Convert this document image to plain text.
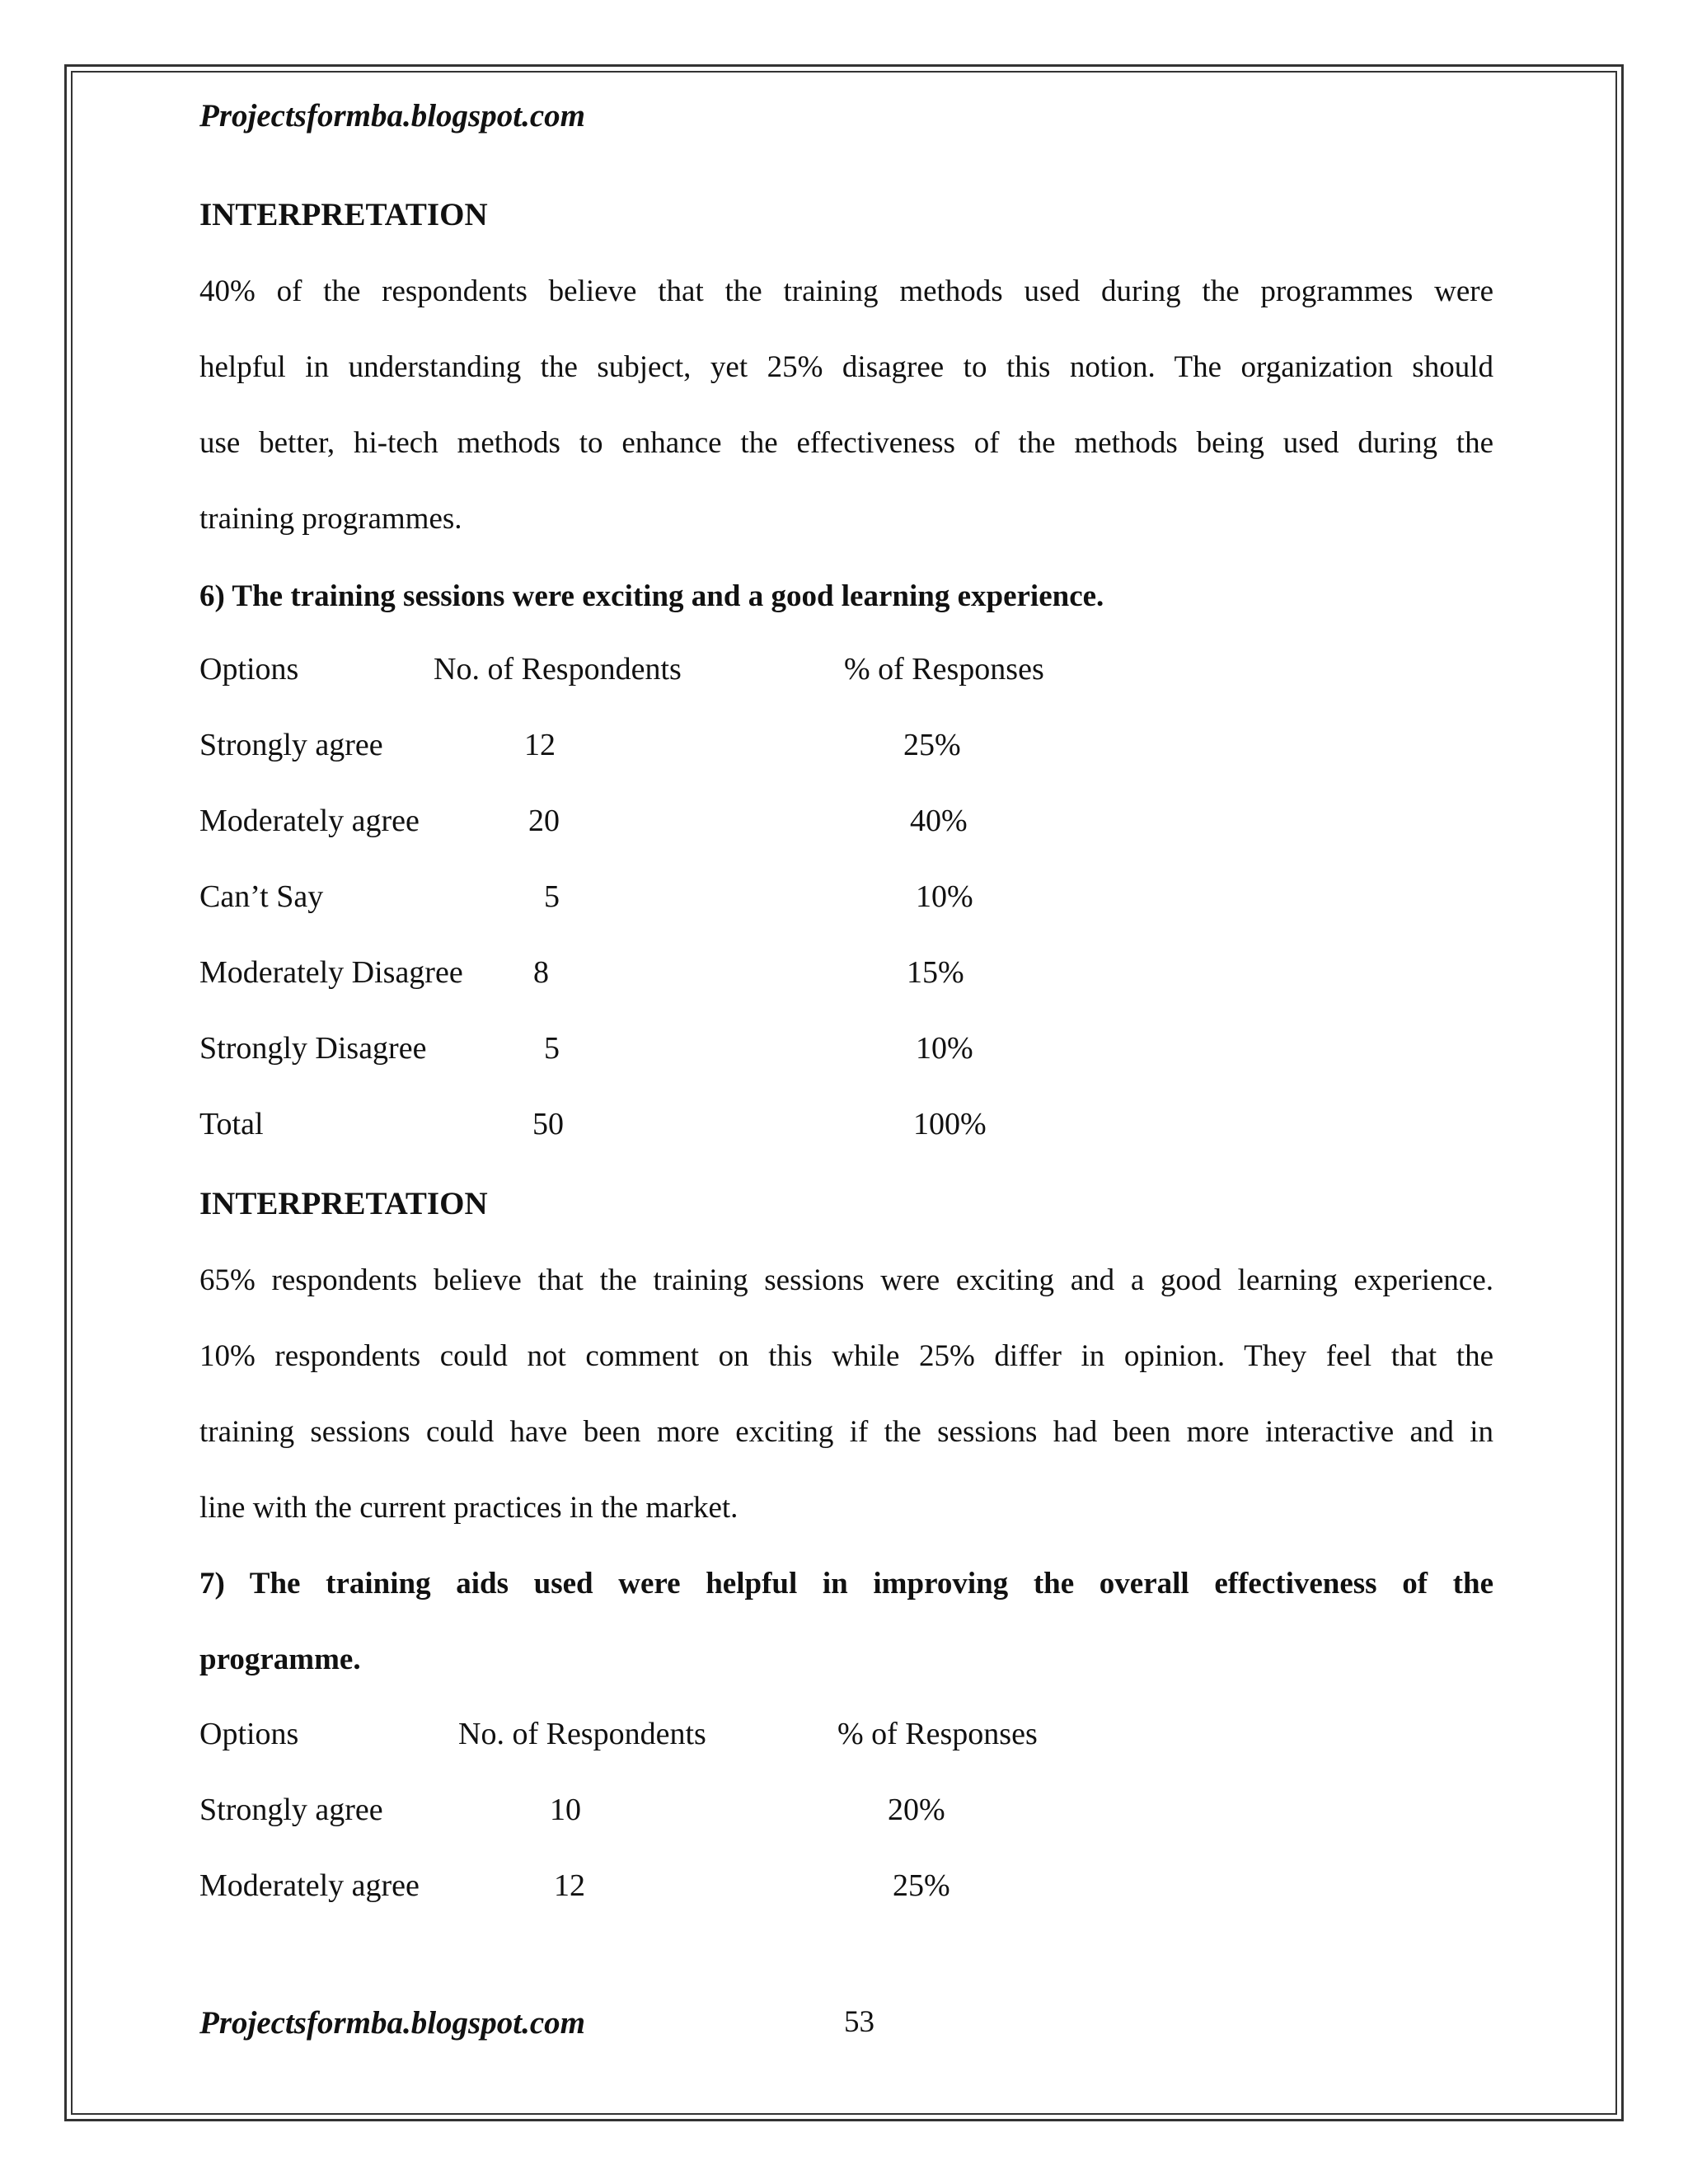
Projectsformba.blogspot.com
INTERPRETATION
40% of the respondents believe that the training methods used during the programmes were
helpful in understanding the subject, yet 25% disagree to this notion. The organization should
use better, hi-tech methods to enhance the effectiveness of the methods being used during the
training programmes.
6) The training sessions were exciting and a good learning experience.
Options	No. of Respondents	% of Responses
Strongly agree	12	25%
Moderately agree	20	40%
Can’t Say	5	10%
Moderately Disagree 8	15%
Strongly Disagree	5	10%
Total	50	100%
INTERPRETATION
65% respondents believe that the training sessions were exciting and a good learning experience.
10% respondents could not comment on this while 25% differ in opinion. They feel that the
training sessions could have been more exciting if the sessions had been more interactive and in
line with the current practices in the market.
7) The training aids used were helpful in improving the overall effectiveness of the
programme.
Options	No. of Respondents	% of Responses
Strongly agree	10	20%
Moderately agree	12	25%
Projectsformba.blogspot.com	53
